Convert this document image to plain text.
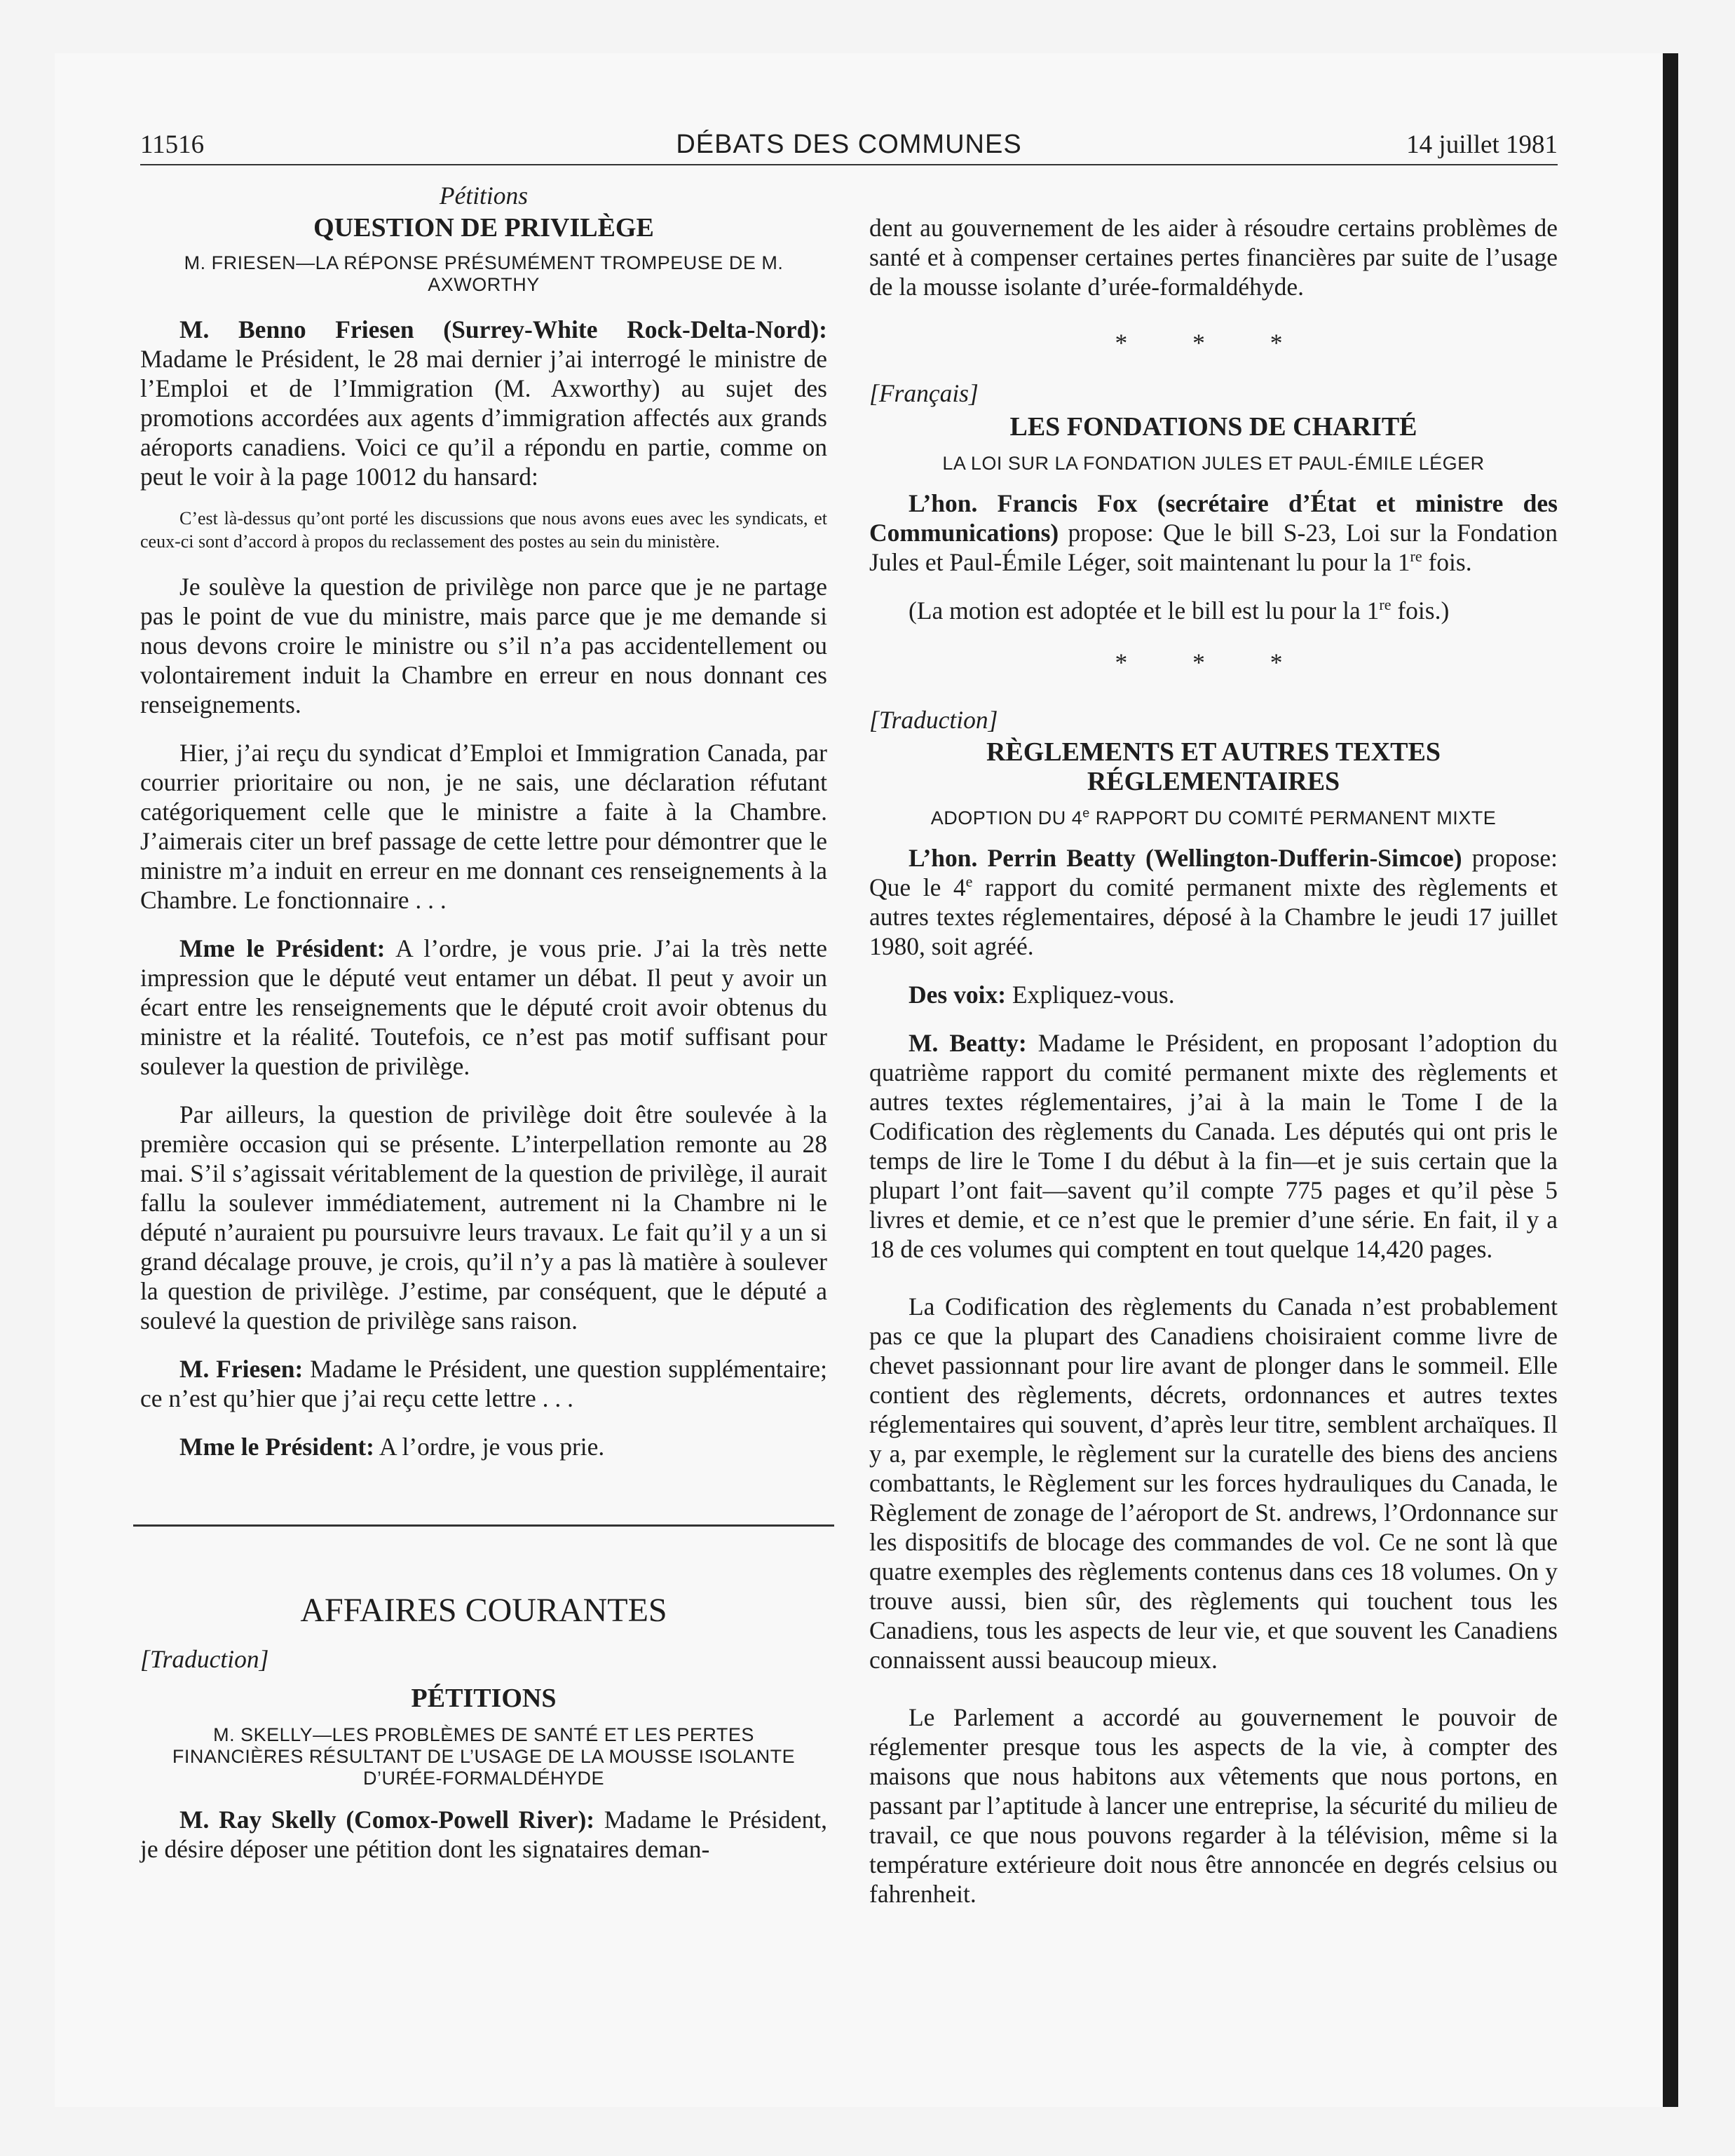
11516	DÉBATS DES COMMUNES	14 juillet 1981

Pétitions

QUESTION DE PRIVILÈGE

M. FRIESEN—LA RÉPONSE PRÉSUMÉMENT TROMPEUSE DE M. AXWORTHY

M. Benno Friesen (Surrey-White Rock-Delta-Nord): Madame le Président, le 28 mai dernier j’ai interrogé le ministre de l’Emploi et de l’Immigration (M. Axworthy) au sujet des promotions accordées aux agents d’immigration affectés aux grands aéroports canadiens. Voici ce qu’il a répondu en partie, comme on peut le voir à la page 10012 du hansard:

C’est là-dessus qu’ont porté les discussions que nous avons eues avec les syndicats, et ceux-ci sont d’accord à propos du reclassement des postes au sein du ministère.

Je soulève la question de privilège non parce que je ne partage pas le point de vue du ministre, mais parce que je me demande si nous devons croire le ministre ou s’il n’a pas accidentellement ou volontairement induit la Chambre en erreur en nous donnant ces renseignements.

Hier, j’ai reçu du syndicat d’Emploi et Immigration Canada, par courrier prioritaire ou non, je ne sais, une déclaration réfutant catégoriquement celle que le ministre a faite à la Chambre. J’aimerais citer un bref passage de cette lettre pour démontrer que le ministre m’a induit en erreur en me donnant ces renseignements à la Chambre. Le fonctionnaire . . .

Mme le Président: A l’ordre, je vous prie. J’ai la très nette impression que le député veut entamer un débat. Il peut y avoir un écart entre les renseignements que le député croit avoir obtenus du ministre et la réalité. Toutefois, ce n’est pas motif suffisant pour soulever la question de privilège.

Par ailleurs, la question de privilège doit être soulevée à la première occasion qui se présente. L’interpellation remonte au 28 mai. S’il s’agissait véritablement de la question de privilège, il aurait fallu la soulever immédiatement, autrement ni la Chambre ni le député n’auraient pu poursuivre leurs travaux. Le fait qu’il y a un si grand décalage prouve, je crois, qu’il n’y a pas là matière à soulever la question de privilège. J’estime, par conséquent, que le député a soulevé la question de privilège sans raison.

M. Friesen: Madame le Président, une question supplémentaire; ce n’est qu’hier que j’ai reçu cette lettre . . .

Mme le Président: A l’ordre, je vous prie.

AFFAIRES COURANTES

[Traduction]

PÉTITIONS

M. SKELLY—LES PROBLÈMES DE SANTÉ ET LES PERTES FINANCIÈRES RÉSULTANT DE L’USAGE DE LA MOUSSE ISOLANTE D’URÉE-FORMALDÉHYDE

M. Ray Skelly (Comox-Powell River): Madame le Président, je désire déposer une pétition dont les signataires deman-

dent au gouvernement de les aider à résoudre certains problèmes de santé et à compenser certaines pertes financières par suite de l’usage de la mousse isolante d’urée-formaldéhyde.

* * *

[Français]

LES FONDATIONS DE CHARITÉ

LA LOI SUR LA FONDATION JULES ET PAUL-ÉMILE LÉGER

L’hon. Francis Fox (secrétaire d’État et ministre des Communications) propose: Que le bill S-23, Loi sur la Fondation Jules et Paul-Émile Léger, soit maintenant lu pour la 1re fois.

(La motion est adoptée et le bill est lu pour la 1re fois.)

* * *

[Traduction]

RÈGLEMENTS ET AUTRES TEXTES RÉGLEMENTAIRES

ADOPTION DU 4e RAPPORT DU COMITÉ PERMANENT MIXTE

L’hon. Perrin Beatty (Wellington-Dufferin-Simcoe) propose: Que le 4e rapport du comité permanent mixte des règlements et autres textes réglementaires, déposé à la Chambre le jeudi 17 juillet 1980, soit agréé.

Des voix: Expliquez-vous.

M. Beatty: Madame le Président, en proposant l’adoption du quatrième rapport du comité permanent mixte des règlements et autres textes réglementaires, j’ai à la main le Tome I de la Codification des règlements du Canada. Les députés qui ont pris le temps de lire le Tome I du début à la fin—et je suis certain que la plupart l’ont fait—savent qu’il compte 775 pages et qu’il pèse 5 livres et demie, et ce n’est que le premier d’une série. En fait, il y a 18 de ces volumes qui comptent en tout quelque 14,420 pages.

La Codification des règlements du Canada n’est probablement pas ce que la plupart des Canadiens choisiraient comme livre de chevet passionnant pour lire avant de plonger dans le sommeil. Elle contient des règlements, décrets, ordonnances et autres textes réglementaires qui souvent, d’après leur titre, semblent archaïques. Il y a, par exemple, le règlement sur la curatelle des biens des anciens combattants, le Règlement sur les forces hydrauliques du Canada, le Règlement de zonage de l’aéroport de St. andrews, l’Ordonnance sur les dispositifs de blocage des commandes de vol. Ce ne sont là que quatre exemples des règlements contenus dans ces 18 volumes. On y trouve aussi, bien sûr, des règlements qui touchent tous les Canadiens, tous les aspects de leur vie, et que souvent les Canadiens connaissent aussi beaucoup mieux.

Le Parlement a accordé au gouvernement le pouvoir de réglementer presque tous les aspects de la vie, à compter des maisons que nous habitons aux vêtements que nous portons, en passant par l’aptitude à lancer une entreprise, la sécurité du milieu de travail, ce que nous pouvons regarder à la télévision, même si la température extérieure doit nous être annoncée en degrés celsius ou fahrenheit.
